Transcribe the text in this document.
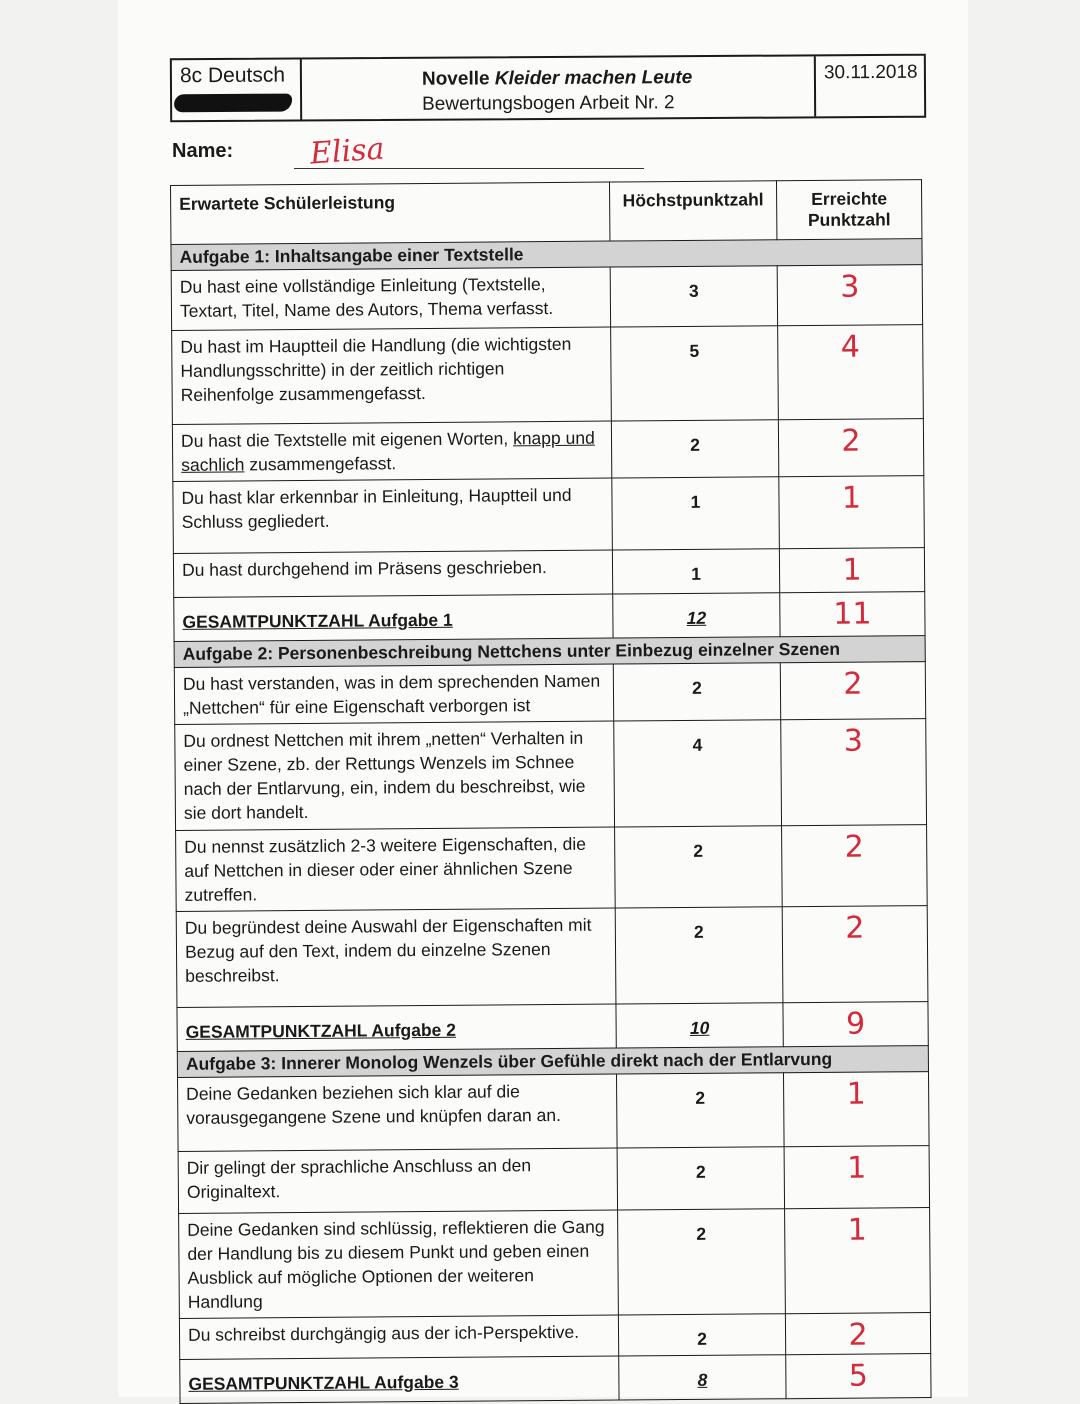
8c Deutsch	Novelle Kleider machen Leute
Bewertungsbogen Arbeit Nr. 2
30.11.2018
Name:	Elisa
Erwartete Schülerleistung	Höchstpunktzahl	Erreichte Punktzahl
Aufgabe 1: Inhaltsangabe einer Textstelle		
Du hast eine vollständige Einleitung (Textstelle, Textart, Titel, Name des Autors, Thema verfasst.	3	3
Du hast im Hauptteil die Handlung (die wichtigsten Handlungsschritte) in der zeitlich richtigen Reihenfolge zusammengefasst.	5	4
Du hast die Textstelle mit eigenen Worten, knapp und sachlich zusammengefasst.	2	2
Du hast klar erkennbar in Einleitung, Hauptteil und Schluss gegliedert.	1	1
Du hast durchgehend im Präsens geschrieben.	1	1
GESAMTPUNKTZAHL Aufgabe 1	12	11
Aufgabe 2: Personenbeschreibung Nettchens unter Einbezug einzelner Szenen		
Du hast verstanden, was in dem sprechenden Namen „Nettchen“ für eine Eigenschaft verborgen ist	2	2
Du ordnest Nettchen mit ihrem „netten“ Verhalten in einer Szene, zb. der Rettungs Wenzels im Schnee nach der Entlarvung, ein, indem du beschreibst, wie sie dort handelt.	4	3
Du nennst zusätzlich 2-3 weitere Eigenschaften, die auf Nettchen in dieser oder einer ähnlichen Szene zutreffen.	2	2
Du begründest deine Auswahl der Eigenschaften mit Bezug auf den Text, indem du einzelne Szenen beschreibst.	2	2
GESAMTPUNKTZAHL Aufgabe 2	10	9
Aufgabe 3: Innerer Monolog Wenzels über Gefühle direkt nach der Entlarvung		
Deine Gedanken beziehen sich klar auf die vorausgegangene Szene und knüpfen daran an.	2	1
Dir gelingt der sprachliche Anschluss an den Originaltext.	2	1
Deine Gedanken sind schlüssig, reflektieren die Gang der Handlung bis zu diesem Punkt und geben einen Ausblick auf mögliche Optionen der weiteren Handlung	2	1
Du schreibst durchgängig aus der ich-Perspektive.	2	2
GESAMTPUNKTZAHL Aufgabe 3	8	5
